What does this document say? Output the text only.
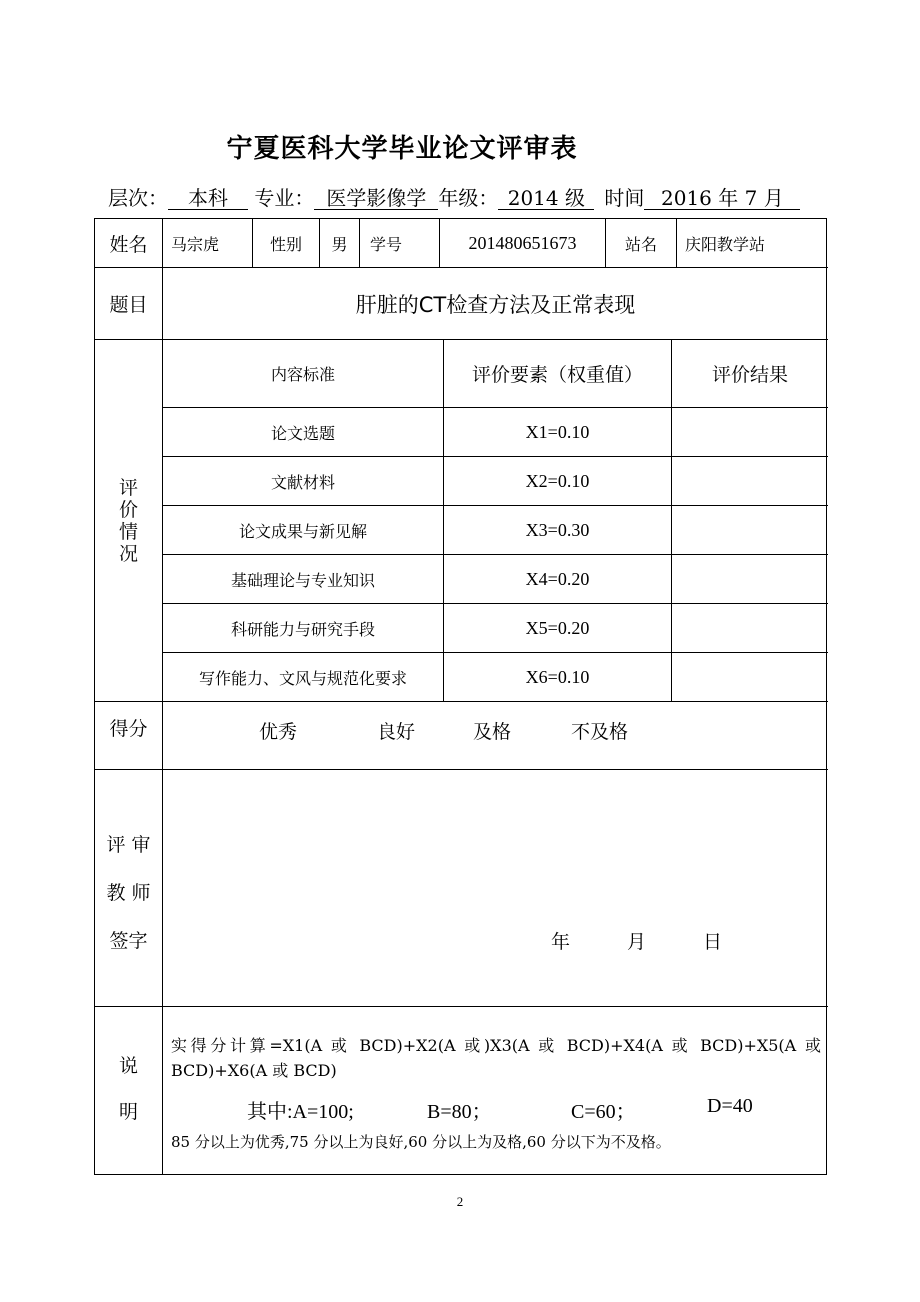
宁夏医科大学毕业论文评审表
层次： 本科 专业： 医学影像学 年级： 2014 级 时间 2016 年 7 月
姓名	马宗虎	性别	男	学号	201480651673	站名	庆阳教学站
题目	肝脏的CT检查方法及正常表现
评
价
情
况
内容标准	评价要素（权重值）	评价结果
论文选题	X1=0.10
文献材料	X2=0.10
论文成果与新见解	X3=0.30
基础理论与专业知识	X4=0.20
科研能力与研究手段	X5=0.20
写作能力、文风与规范化要求	X6=0.10
得分	优秀	良好	及格	不及格
评 审
教 师
签字	年	月	日
说
明
实得分计算=X1(A 或 BCD)+X2(A 或)X3(A 或 BCD)+X4(A 或 BCD)+X5(A 或 BCD)+X6(A 或 BCD)
其中:A=100;	B=80；	C=60；	D=40
85 分以上为优秀,75 分以上为良好,60 分以上为及格,60 分以下为不及格。
2
